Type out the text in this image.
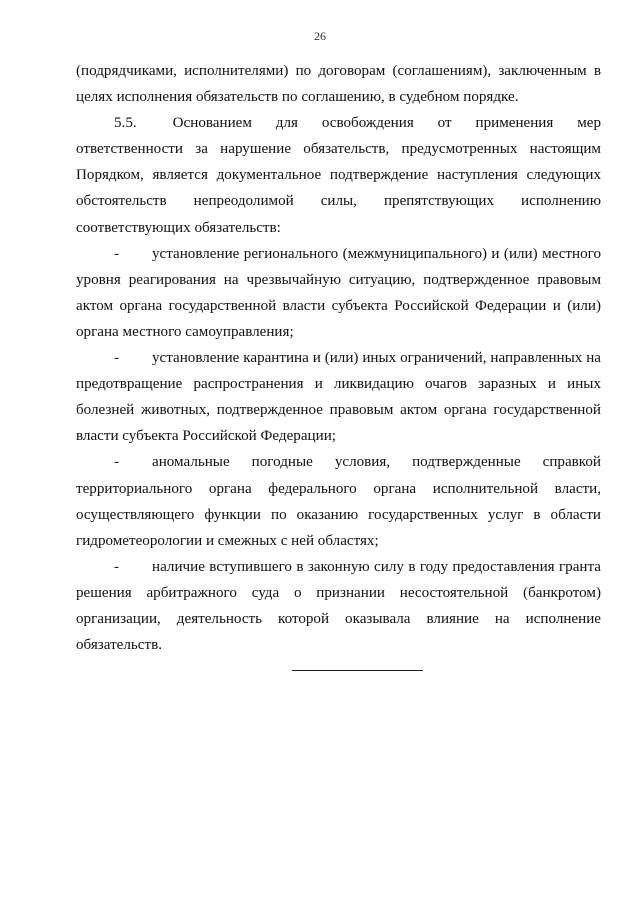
26

(подрядчиками, исполнителями) по договорам (соглашениям), заключенным в целях исполнения обязательств по соглашению, в судебном порядке.

5.5. Основанием для освобождения от применения мер ответственности за нарушение обязательств, предусмотренных настоящим Порядком, является документальное подтверждение наступления следующих обстоятельств непреодолимой силы, препятствующих исполнению соответствующих обязательств:

- установление регионального (межмуниципального) и (или) местного уровня реагирования на чрезвычайную ситуацию, подтвержденное правовым актом органа государственной власти субъекта Российской Федерации и (или) органа местного самоуправления;

- установление карантина и (или) иных ограничений, направленных на предотвращение распространения и ликвидацию очагов заразных и иных болезней животных, подтвержденное правовым актом органа государственной власти субъекта Российской Федерации;

- аномальные погодные условия, подтвержденные справкой территориального органа федерального органа исполнительной власти, осуществляющего функции по оказанию государственных услуг в области гидрометеорологии и смежных с ней областях;

- наличие вступившего в законную силу в году предоставления гранта решения арбитражного суда о признании несостоятельной (банкротом) организации, деятельность которой оказывала влияние на исполнение обязательств.
